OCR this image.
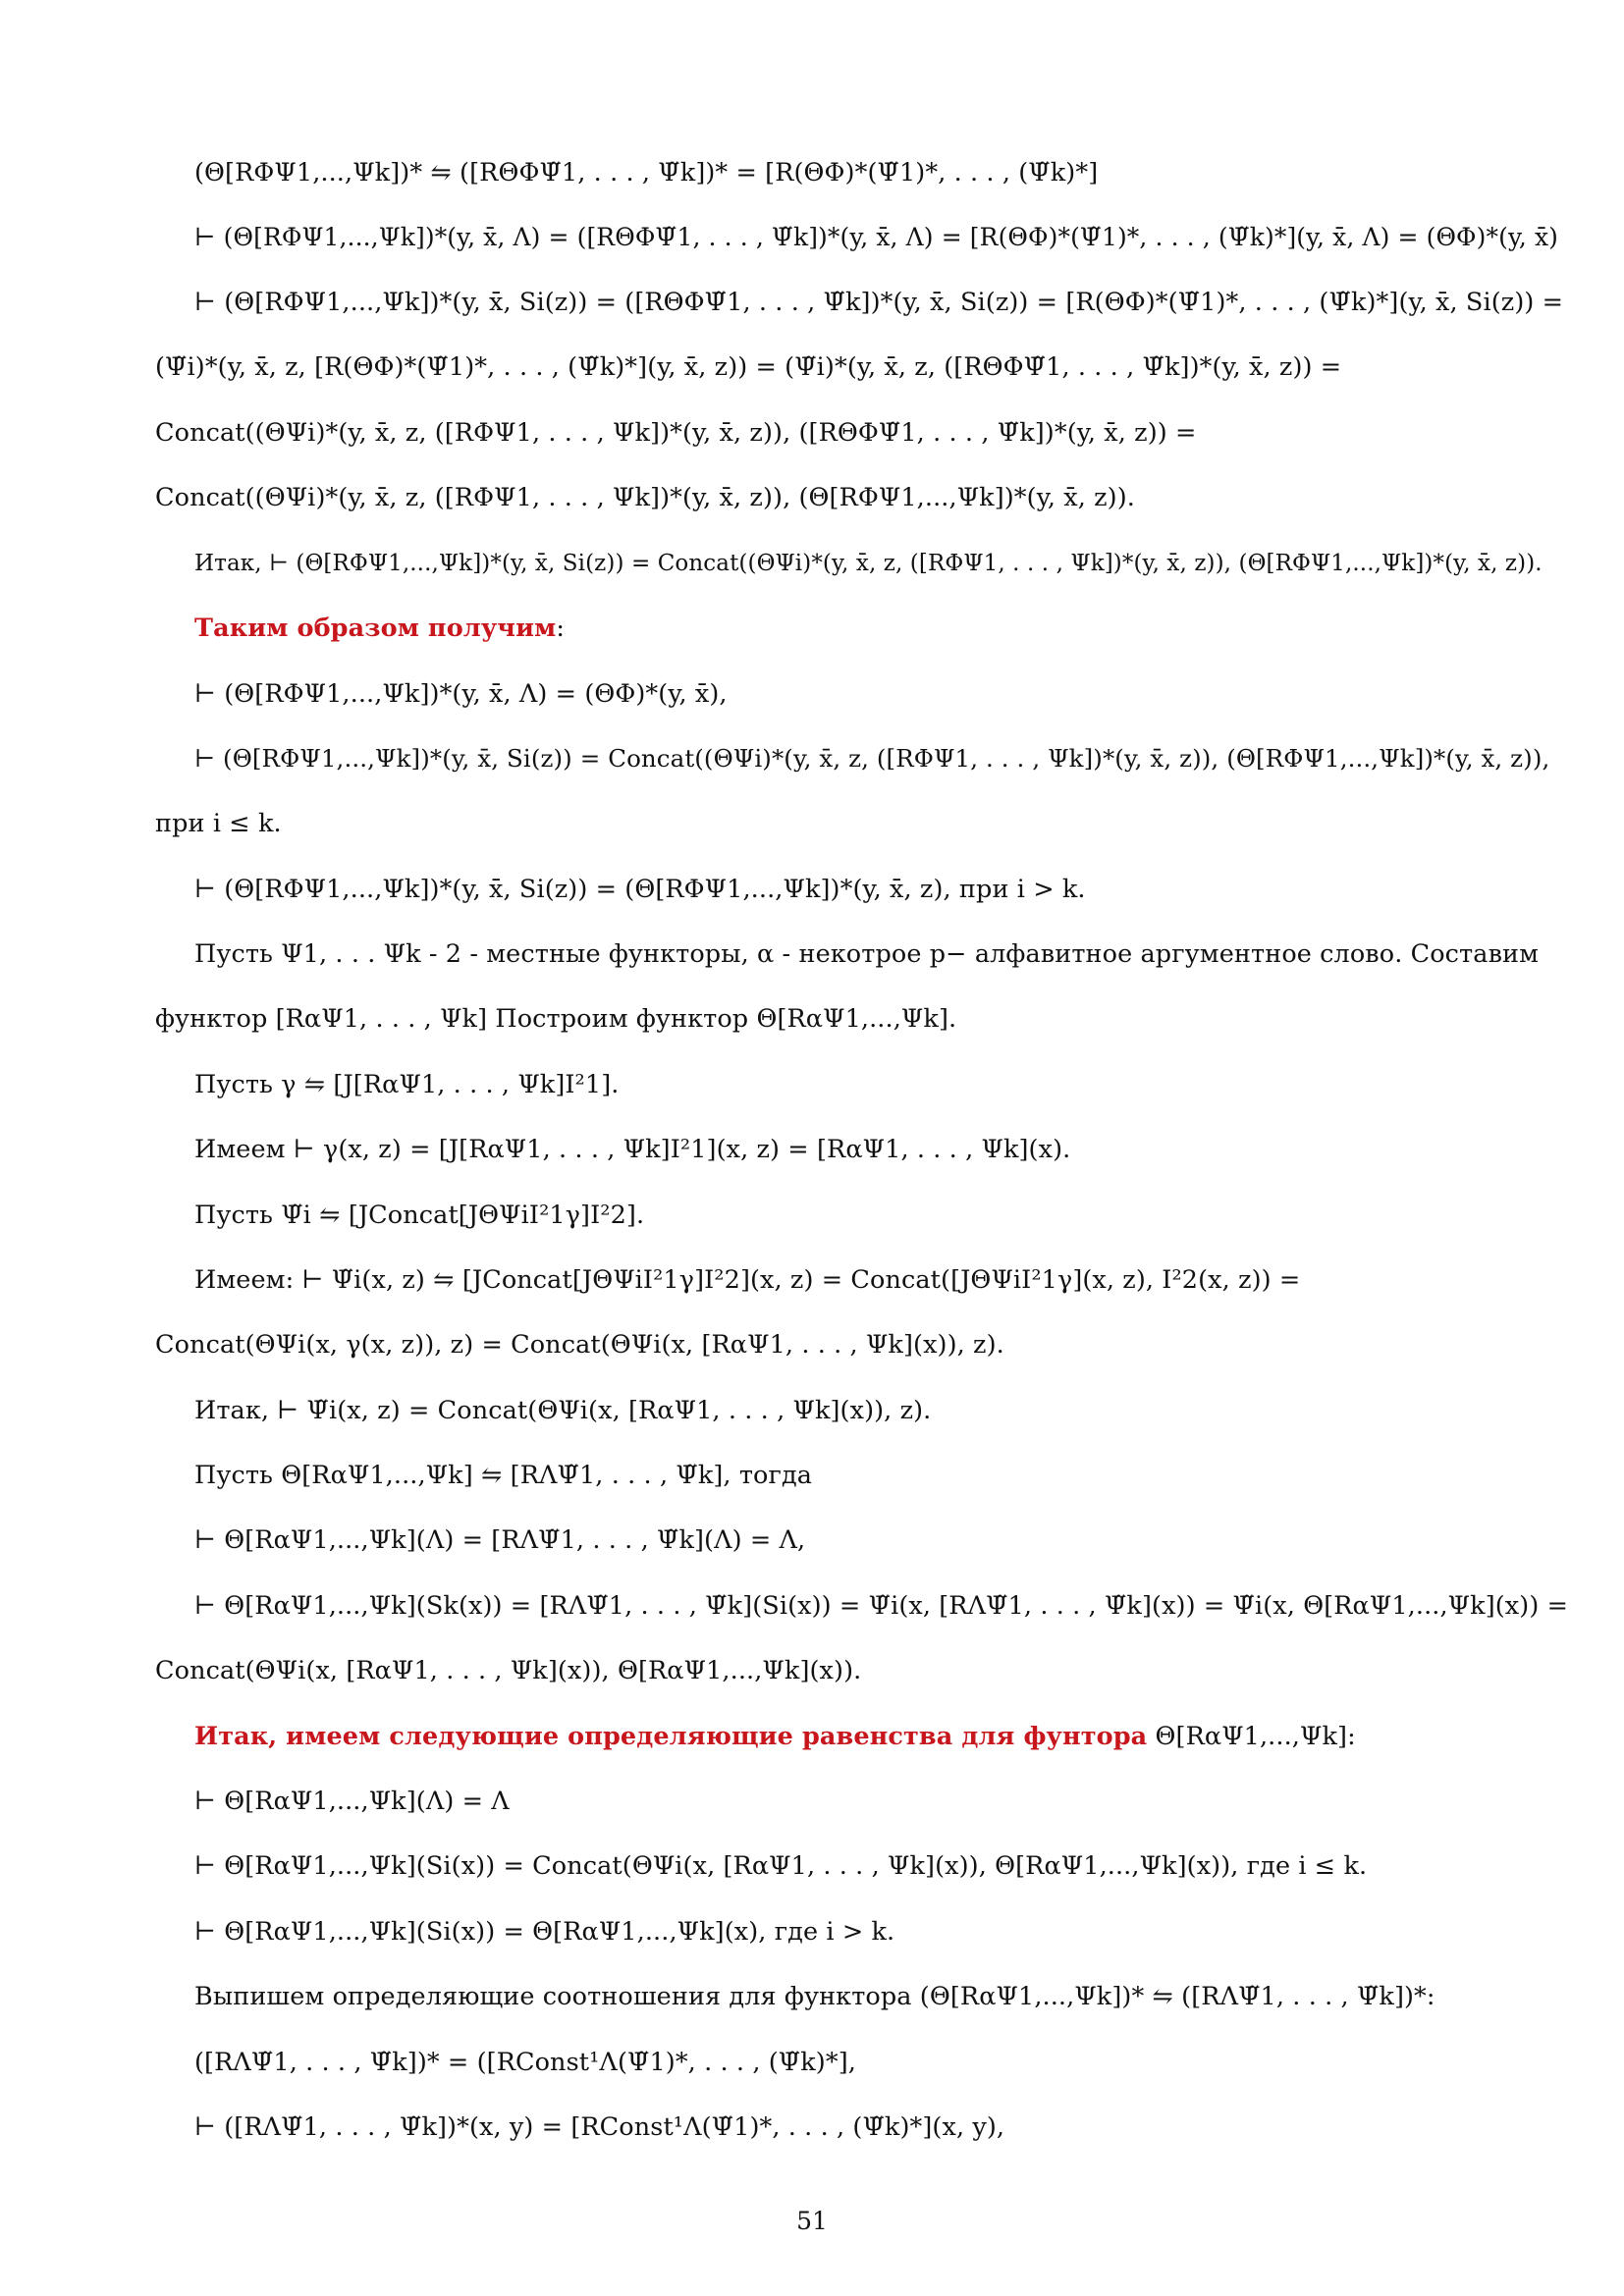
(Θ[RΦΨ1,...,Ψk])* ⇋ ([RΘΦΨ̃1, . . . , Ψ̃k])* = [R(ΘΦ)*(Ψ̃1)*, . . . , (Ψ̃k)*]
⊢ (Θ[RΦΨ1,...,Ψk])*(y, x̄, Λ) = ([RΘΦΨ̃1, . . . , Ψ̃k])*(y, x̄, Λ) = [R(ΘΦ)*(Ψ̃1)*, . . . , (Ψ̃k)*](y, x̄, Λ) = (ΘΦ)*(y, x̄)
⊢ (Θ[RΦΨ1,...,Ψk])*(y, x̄, Si(z)) = ([RΘΦΨ̃1, . . . , Ψ̃k])*(y, x̄, Si(z)) = [R(ΘΦ)*(Ψ̃1)*, . . . , (Ψ̃k)*](y, x̄, Si(z)) =
(Ψ̃i)*(y, x̄, z, [R(ΘΦ)*(Ψ̃1)*, . . . , (Ψ̃k)*](y, x̄, z)) = (Ψ̃i)*(y, x̄, z, ([RΘΦΨ̃1, . . . , Ψ̃k])*(y, x̄, z)) =
Concat((ΘΨi)*(y, x̄, z, ([RΦΨ1, . . . , Ψk])*(y, x̄, z)), ([RΘΦΨ̃1, . . . , Ψ̃k])*(y, x̄, z)) =
Concat((ΘΨi)*(y, x̄, z, ([RΦΨ1, . . . , Ψk])*(y, x̄, z)), (Θ[RΦΨ1,...,Ψk])*(y, x̄, z)).
Итак, ⊢ (Θ[RΦΨ1,...,Ψk])*(y, x̄, Si(z)) = Concat((ΘΨi)*(y, x̄, z, ([RΦΨ1, . . . , Ψk])*(y, x̄, z)), (Θ[RΦΨ1,...,Ψk])*(y, x̄, z)).
Таким образом получим:
⊢ (Θ[RΦΨ1,...,Ψk])*(y, x̄, Λ) = (ΘΦ)*(y, x̄),
⊢ (Θ[RΦΨ1,...,Ψk])*(y, x̄, Si(z)) = Concat((ΘΨi)*(y, x̄, z, ([RΦΨ1, . . . , Ψk])*(y, x̄, z)), (Θ[RΦΨ1,...,Ψk])*(y, x̄, z)),
при i ≤ k.
⊢ (Θ[RΦΨ1,...,Ψk])*(y, x̄, Si(z)) = (Θ[RΦΨ1,...,Ψk])*(y, x̄, z), при i > k.
Пусть Ψ1, . . . Ψk - 2 - местные функторы, α - некотрое p− алфавитное аргументное слово. Составим
функтор [RαΨ1, . . . , Ψk] Построим функтор Θ[RαΨ1,...,Ψk].
Пусть γ ⇋ [J[RαΨ1, . . . , Ψk]I²1].
Имеем ⊢ γ(x, z) = [J[RαΨ1, . . . , Ψk]I²1](x, z) = [RαΨ1, . . . , Ψk](x).
Пусть Ψ̃i ⇋ [JConcat[JΘΨiI²1γ]I²2].
Имеем: ⊢ Ψ̃i(x, z) ⇋ [JConcat[JΘΨiI²1γ]I²2](x, z) = Concat([JΘΨiI²1γ](x, z), I²2(x, z)) =
Concat(ΘΨi(x, γ(x, z)), z) = Concat(ΘΨi(x, [RαΨ1, . . . , Ψk](x)), z).
Итак, ⊢ Ψ̃i(x, z) = Concat(ΘΨi(x, [RαΨ1, . . . , Ψk](x)), z).
Пусть Θ[RαΨ1,...,Ψk] ⇋ [RΛΨ̃1, . . . , Ψ̃k], тогда
⊢ Θ[RαΨ1,...,Ψk](Λ) = [RΛΨ̃1, . . . , Ψ̃k](Λ) = Λ,
⊢ Θ[RαΨ1,...,Ψk](Sk(x)) = [RΛΨ̃1, . . . , Ψ̃k](Si(x)) = Ψ̃i(x, [RΛΨ̃1, . . . , Ψ̃k](x)) = Ψ̃i(x, Θ[RαΨ1,...,Ψk](x)) =
Concat(ΘΨi(x, [RαΨ1, . . . , Ψk](x)), Θ[RαΨ1,...,Ψk](x)).
Итак, имеем следующие определяющие равенства для фунтора Θ[RαΨ1,...,Ψk]:
⊢ Θ[RαΨ1,...,Ψk](Λ) = Λ
⊢ Θ[RαΨ1,...,Ψk](Si(x)) = Concat(ΘΨi(x, [RαΨ1, . . . , Ψk](x)), Θ[RαΨ1,...,Ψk](x)), где i ≤ k.
⊢ Θ[RαΨ1,...,Ψk](Si(x)) = Θ[RαΨ1,...,Ψk](x), где i > k.
Выпишем определяющие соотношения для функтора (Θ[RαΨ1,...,Ψk])* ⇋ ([RΛΨ̃1, . . . , Ψ̃k])*:
([RΛΨ̃1, . . . , Ψ̃k])* = ([RConst¹Λ(Ψ̃1)*, . . . , (Ψ̃k)*],
⊢ ([RΛΨ̃1, . . . , Ψ̃k])*(x, y) = [RConst¹Λ(Ψ̃1)*, . . . , (Ψ̃k)*](x, y),
51
